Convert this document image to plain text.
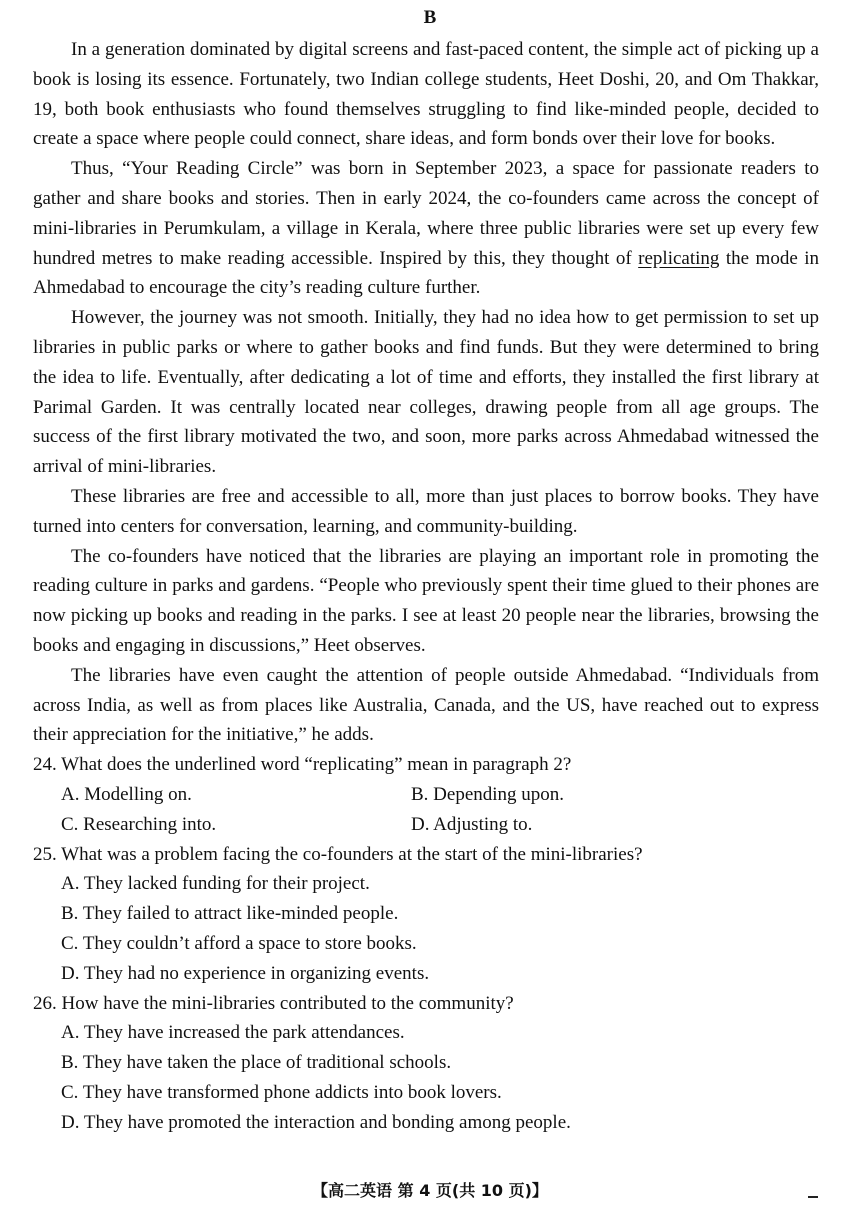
B

In a generation dominated by digital screens and fast-paced content, the simple act of picking up a book is losing its essence. Fortunately, two Indian college students, Heet Doshi, 20, and Om Thakkar, 19, both book enthusiasts who found themselves struggling to find like-minded people, decided to create a space where people could connect, share ideas, and form bonds over their love for books.

Thus, “Your Reading Circle” was born in September 2023, a space for passionate readers to gather and share books and stories. Then in early 2024, the co-founders came across the concept of mini-libraries in Perumkulam, a village in Kerala, where three public libraries were set up every few hundred metres to make reading accessible. Inspired by this, they thought of replicating the mode in Ahmedabad to encourage the city’s reading culture further.

However, the journey was not smooth. Initially, they had no idea how to get permission to set up libraries in public parks or where to gather books and find funds. But they were determined to bring the idea to life. Eventually, after dedicating a lot of time and efforts, they installed the first library at Parimal Garden. It was centrally located near colleges, drawing people from all age groups. The success of the first library motivated the two, and soon, more parks across Ahmedabad witnessed the arrival of mini-libraries.

These libraries are free and accessible to all, more than just places to borrow books. They have turned into centers for conversation, learning, and community-building.

The co-founders have noticed that the libraries are playing an important role in promoting the reading culture in parks and gardens. “People who previously spent their time glued to their phones are now picking up books and reading in the parks. I see at least 20 people near the libraries, browsing the books and engaging in discussions,” Heet observes.

The libraries have even caught the attention of people outside Ahmedabad. “Individuals from across India, as well as from places like Australia, Canada, and the US, have reached out to express their appreciation for the initiative,” he adds.

24. What does the underlined word “replicating” mean in paragraph 2?

A. Modelling on.	B. Depending upon.
C. Researching into.	D. Adjusting to.

25. What was a problem facing the co-founders at the start of the mini-libraries?

A. They lacked funding for their project.

B. They failed to attract like-minded people.

C. They couldn’t afford a space to store books.

D. They had no experience in organizing events.

26. How have the mini-libraries contributed to the community?

A. They have increased the park attendances.

B. They have taken the place of traditional schools.

C. They have transformed phone addicts into book lovers.

D. They have promoted the interaction and bonding among people.

【高二英语 第 4 页(共 10 页)】
